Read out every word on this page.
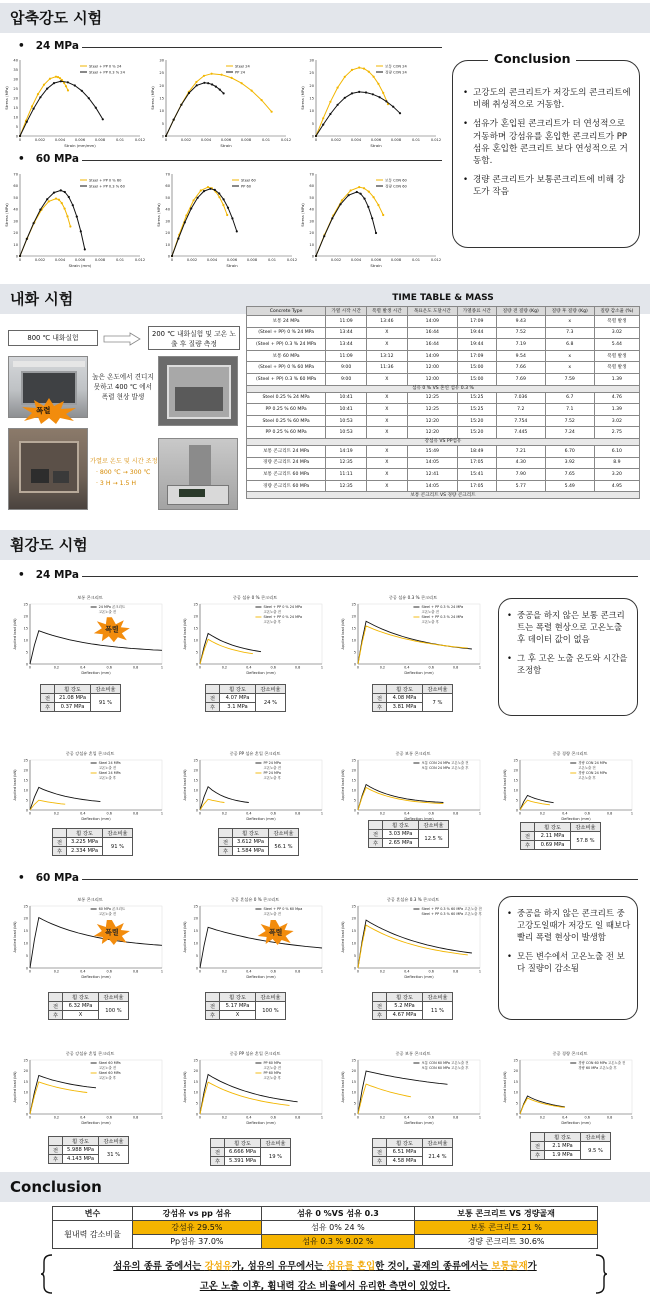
압축강도 시험
•   24 MPa
•   60 MPa
0
5
10
15
20
25
30
35
40
0	0.002	0.004	0.006	0.008	0.01	0.012
Strain (mm/mm)
Stress (MPa)
Steel + PP 0 % 24
Steel + PP 0.3 % 24
0
5
10
15
20
25
30
0	0.002	0.004	0.006	0.008	0.01	0.012
Strain
Stress (MPa)
Steel 24
PP 24
0
5
10
15
20
25
30
0	0.002	0.004	0.006	0.008	0.01	0.012
Strain
Stress (MPa)
보통 CON 24
경량 CON 24
0
10
20
30
40
50
60
70
0	0.002	0.004	0.006	0.008	0.01	0.012
Strain (mm)
Stress (MPa)
Steel + PP 0 % 60
Steel + PP 0.3 % 60
0
10
20
30
40
50
60
70
0	0.002	0.004	0.006	0.008	0.01	0.012
Strain
Stress (MPa)
Steel 60
PP 60
0
10
20
30
40
50
60
70
0	0.002	0.004	0.006	0.008	0.01	0.012
Strain
Stress (MPa)
보통 CON 60
경량 CON 60
• 고강도의 콘크리트가 저강도의 콘크리트에 비해 취성적으로 거동함.
• 섬유가 혼입된 콘크리트가 더 연성적으로 거동하며 강섬유를 혼입한 콘크리트가 PP섬유 혼입한 콘크리트 보다 연성적으로 거동함.
• 경량 콘크리트가 보통콘크리트에 비해 강도가 작음
Conclusion
내화 시험
800 ℃ 내화실험	200 ℃ 내화실험 및 고온 노출 후 질량 측정
높은 온도에서 견디지 못하고 400 ℃ 에서 폭렬 현상 발생
폭렬
가열로 온도 및 시간 조정
· 800 ℃ → 300 ℃
· 3 H → 1.5 H
TIME TABLE & MASS
Concrete Type	가열 시작 시간	폭렬 발생 시간	목표온도 도달시간	가열종료 시간	질량 전 질량 (Kg)	질량 후 질량 (Kg)	질량 감소율 (%)
보통 24 MPa	11:09	13:46	14:09	17:09	9.43	x	폭렬 발생
(Steel + PP) 0 % 24 MPa	13:44	X	16:44	19:44	7.52	7.3	3.02
(Steel + PP) 0.3 % 24 MPa	13:44	X	16:44	19:44	7.19	6.8	5.44
보통 60 MPa	11:09	13:12	14:09	17:09	9.54	x	폭렬 발생
(Steel + PP) 0 % 60 MPa	9:00	11:36	12:00	15:00	7.66	x	폭렬 발생
(Steel + PP) 0.3 % 60 MPa	9:00	X	12:00	15:00	7.69	7.59	1.39
섬유 0 % VS 혼연 섬유 0.3 %							
Steel 0.25 % 24 MPa	10:41	X	12:25	15:25	7.036	6.7	4.76
PP 0.25 % 60 MPa	10:41	X	12:25	15:25	7.2	7.1	1.39
Steel 0.25 % 60 MPa	10:53	X	12:20	15:20	7.754	7.52	3.02
PP 0.25 % 60 MPa	10:53	X	12:20	15:20	7.445	7.24	2.75
강섬유 VS PP섬유							
보통 콘크리트 24 MPa	14:19	X	15:49	18:49	7.21	6.70	6.10
경량 콘크리트 24 MPa	12:35	X	14:05	17:05	4.30	3.92	8.9
보통 콘크리트 60 MPa	11:11	X	12:41	15:41	7.90	7.65	3.20
경량 콘크리트 60 MPa	12:35	X	14:05	17:05	5.77	5.49	4.95
보통 콘크리트 VS 경량 콘크리트							
휨강도 시험
•   24 MPa
•   60 MPa
보통 콘크리트
0
5
10
15
20
25
0	0.2	0.4	0.6	0.8	1
Deflection (mm)
Applied load (kN)
24 MPa 콘크리트
고온노출 전
폭렬
	휨 강도	감소비율
전	21.08 MPa	91 %
후	0.37 MPa	
중공 섬유 0 % 콘크리트
0
5
10
15
20
25
0	0.2	0.4	0.6	0.8	1
Deflection (mm)
Applied load (kN)
Steel + PP 0 % 24 MPa
고온노출 전
Steel + PP 0 % 24 MPa
고온노출 후
	휨 강도	감소비율
전	4.07 MPa	24 %
후	3.1 MPa	
중공 섬유 0.3 % 콘크리트
0
5
10
15
20
25
0	0.2	0.4	0.6	0.8	1
Deflection (mm)
Applied load (kN)
Steel + PP 0.3 % 24 MPa
고온노출 전
Steel + PP 0.3 % 24 MPa
고온노출 후
	휨 강도	감소비율
전	4.08 MPa	7 %
후	3.81 MPa	
중공 강섬유 혼입 콘크리트
0
5
10
15
20
25
0	0.2	0.4	0.6	0.8	1
Deflection (mm)
Applied load (kN)
Steel 24 MPa
고온노출 전
Steel 24 MPa
고온노출 후
	휨 강도	감소비율
전	3.225 MPa	91 %
후	2.334 MPa	
중공 PP 섬유 혼입 콘크리트
0
5
10
15
20
25
0	0.2	0.4	0.6	0.8	1
Deflection (mm)
Applied load (kN)
PP 24 MPa
고온노출 전
PP 24 MPa
고온노출 후
	휨 강도	감소비율
전	3.612 MPa	56.1 %
후	1.584 MPa	
중공 보통 콘크리트
0
5
10
15
20
25
0	0.2	0.4	0.6	0.8	1
Deflection (mm)
Applied load (kN)
보통 CON 24 MPa 고온노출 전
보통 CON 24 MPa 고온노출 후
	휨 강도	감소비율
전	3.03 MPa	12.5 %
후	2.65 MPa	
중공 경량 콘크리트
0
5
10
15
20
25
0	0.2	0.4	0.6	0.8	1
Deflection (mm)
Applied load (kN)
경량 CON 24 MPa
고온노출 전
경량 CON 24 MPa
고온노출 후
	휨 강도	감소비율
전	2.11 MPa	57.8 %
후	0.69 MPa	
보통 콘크리트
0
5
10
15
20
25
0	0.2	0.4	0.6	0.8	1
Deflection (mm)
Applied load (kN)
60 MPa 콘크리트
고온노출 전
폭렬
	휨 강도	감소비율
전	6.32 MPa	100 %
후	X	
중공 혼섬유 0 % 콘크리트
0
5
10
15
20
25
0	0.2	0.4	0.6	0.8	1
Deflection (mm)
Applied load (kN)
Steel + PP 0 % 60 Mpa
고온노출 전
폭렬
	휨 강도	감소비율
전	5.17 MPa	100 %
후	X	
중공 혼섬유 0.3 % 콘크리트
0
5
10
15
20
25
0	0.2	0.4	0.6	0.8	1
Deflection (mm)
Applied load (kN)
Steel + PP 0.3 % 60 MPa 고온노출 전
Steel + PP 0.3 % 60 MPa 고온노출 후
	휨 강도	감소비율
전	5.2 MPa	11 %
후	4.67 MPa	
중공 강섬유 혼입 콘크리트
0
5
10
15
20
25
0	0.2	0.4	0.6	0.8	1
Deflection (mm)
Applied load (kN)
Steel 60 MPa
고온노출 전
Steel 60 MPa
고온노출 후
	휨 강도	감소비율
전	5.988 MPa	31 %
후	4.143 MPa	
중공 PP 섬유 혼입 콘크리트
0
5
10
15
20
25
0	0.2	0.4	0.6	0.8	1
Deflection (mm)
Applied load (kN)
PP 60 MPa
고온노출 전
PP 60 MPa
고온노출 후
	휨 강도	감소비율
전	6.666 MPa	19 %
후	5.391 MPa	
중공 보통 콘크리트
0
5
10
15
20
25
0	0.2	0.4	0.6	0.8	1
Deflection (mm)
Applied load (kN)
보통 CON 60 MPa 고온노출 전
보통 CON 60 MPa 고온노출 후
	휨 강도	감소비율
전	6.51 MPa	21.4 %
후	4.58 MPa	
중공 경량 콘크리트
0
5
10
15
20
25
0	0.2	0.4	0.6	0.8	1
Deflection (mm)
Applied load (kN)
경량 CON 60 MPa 고온노출 전
경량 60 MPa 고온노출 후
	휨 강도	감소비율
전	2.1 MPa	9.5 %
후	1.9 MPa	
• 중공을 하지 않은 보통 콘크리트는 폭렬 현상으로 고온노출 후 데이터 값이 없음
• 그 후 고온 노출 온도와 시간을 조정함
• 중공을 하지 않은 콘크리트 중 고강도일때가 저강도 일 때보다 빨리 폭렬 현상이 발생함
• 모든 변수에서 고온노출 전 보다 질량이 감소됨
Conclusion
변수	강섬유 vs pp 섬유	섬유 0 %VS 섬유 0.3	보통 콘크리트 VS 경량골재
휨내력 감소비율	강섬유 29.5%	섬유 0% 24 %	보통 콘크리트 21 %
	Pp섬유 37.0%	섬유 0.3 % 9.02 %	경량 콘크리트 30.6%
섬유의 종류 중에서는 강섬유가, 섬유의 유무에서는 섬유를 혼입한 것이, 골재의 종류에서는 보통골재가
고온 노출 이후, 휨내력 감소 비율에서 유리한 측면이 있었다.
